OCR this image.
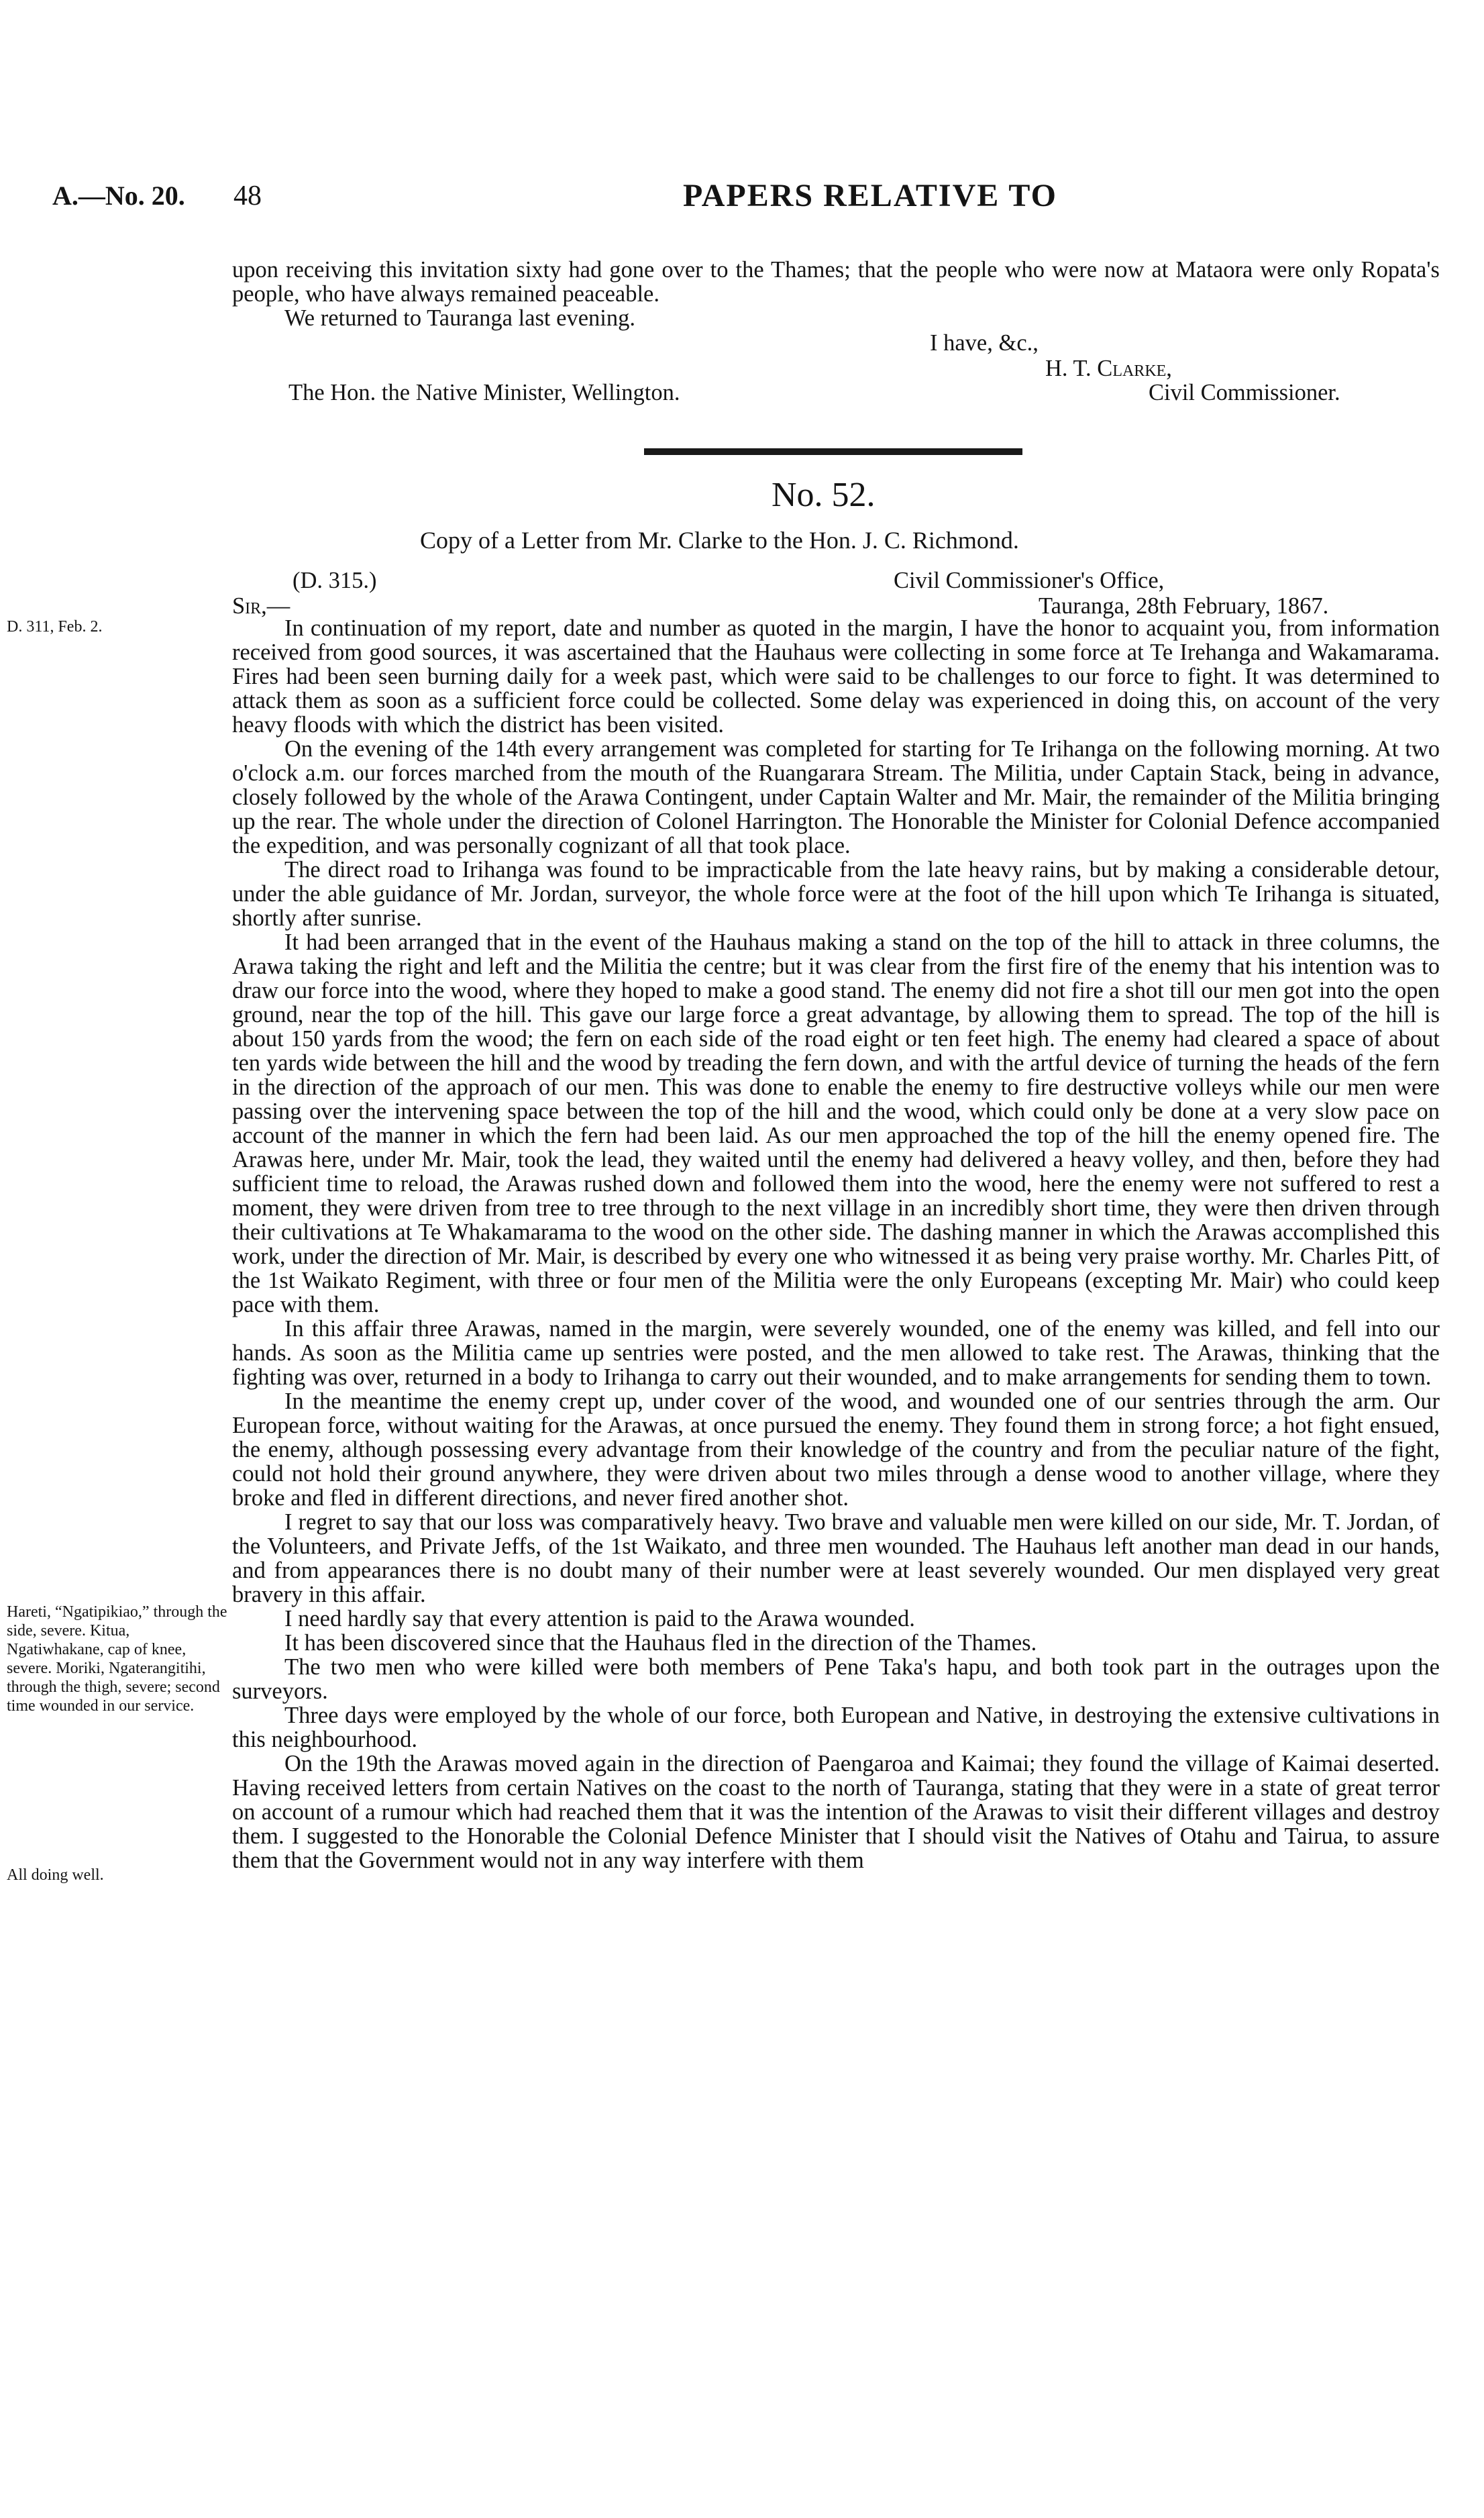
A.—No. 20. 48	PAPERS RELATIVE TO

upon receiving this invitation sixty had gone over to the Thames; that the people who were now at Mataora were only Ropata's people, who have always remained peaceable.

We returned to Tauranga last evening.

I have, &c.,
H. T. Clarke,
The Hon. the Native Minister, Wellington.	Civil Commissioner.
No. 52.
Copy of a Letter from Mr. Clarke to the Hon. J. C. Richmond.
(D. 315.)	Civil Commissioner's Office,
Sir,—	Tauranga, 28th February, 1867.
D. 311, Feb. 2.	In continuation of my report, date and number as quoted in the margin, I have the honor to acquaint you, from information received from good sources, it was ascertained that the Hauhaus were collecting in some force at Te Irehanga and Wakamarama. Fires had been seen burning daily for a week past, which were said to be challenges to our force to fight. It was determined to attack them as soon as a sufficient force could be collected. Some delay was experienced in doing this, on account of the very heavy floods with which the district has been visited.

On the evening of the 14th every arrangement was completed for starting for Te Irihanga on the following morning. At two o'clock a.m. our forces marched from the mouth of the Ruangarara Stream. The Militia, under Captain Stack, being in advance, closely followed by the whole of the Arawa Contingent, under Captain Walter and Mr. Mair, the remainder of the Militia bringing up the rear. The whole under the direction of Colonel Harrington. The Honorable the Minister for Colonial Defence accompanied the expedition, and was personally cognizant of all that took place.

The direct road to Irihanga was found to be impracticable from the late heavy rains, but by making a considerable detour, under the able guidance of Mr. Jordan, surveyor, the whole force were at the foot of the hill upon which Te Irihanga is situated, shortly after sunrise.

It had been arranged that in the event of the Hauhaus making a stand on the top of the hill to attack in three columns, the Arawa taking the right and left and the Militia the centre; but it was clear from the first fire of the enemy that his intention was to draw our force into the wood, where they hoped to make a good stand. The enemy did not fire a shot till our men got into the open ground, near the top of the hill. This gave our large force a great advantage, by allowing them to spread. The top of the hill is about 150 yards from the wood; the fern on each side of the road eight or ten feet high. The enemy had cleared a space of about ten yards wide between the hill and the wood by treading the fern down, and with the artful device of turning the heads of the fern in the direction of the approach of our men. This was done to enable the enemy to fire destructive volleys while our men were passing over the intervening space between the top of the hill and the wood, which could only be done at a very slow pace on account of the manner in which the fern had been laid. As our men approached the top of the hill the enemy opened fire. The Arawas here, under Mr. Mair, took the lead, they waited until the enemy had delivered a heavy volley, and then, before they had sufficient time to reload, the Arawas rushed down and followed them into the wood, here the enemy were not suffered to rest a moment, they were driven from tree to tree through to the next village in an incredibly short time, they were then driven through their cultivations at Te Whakamarama to the wood on the other side. The dashing manner in which the Arawas accomplished this work, under the direction of Mr. Mair, is described by every one who witnessed it as being very praise worthy. Mr. Charles Pitt, of the 1st Waikato Regiment, with three or four men of the Militia were the only Europeans (excepting Mr. Mair) who could keep pace with them.

In this affair three Arawas, named in the margin, were severely wounded, one of the enemy was killed, and fell into our hands. As soon as the Militia came up sentries were posted, and the men allowed to take rest. The Arawas, thinking that the fighting was over, returned in a body to Irihanga to carry out their wounded, and to make arrangements for sending them to town.

In the meantime the enemy crept up, under cover of the wood, and wounded one of our sentries through the arm. Our European force, without waiting for the Arawas, at once pursued the enemy. They found them in strong force; a hot fight ensued, the enemy, although possessing every advantage from their knowledge of the country and from the peculiar nature of the fight, could not hold their ground anywhere, they were driven about two miles through a dense wood to another village, where they broke and fled in different directions, and never fired another shot.

I regret to say that our loss was comparatively heavy. Two brave and valuable men were killed on our side, Mr. T. Jordan, of the Volunteers, and Private Jeffs, of the 1st Waikato, and three men wounded. The Hauhaus left another man dead in our hands, and from appearances there is no doubt many of their number were at least severely wounded. Our men displayed very great bravery in this affair.

I need hardly say that every attention is paid to the Arawa wounded.

It has been discovered since that the Hauhaus fled in the direction of the Thames.

The two men who were killed were both members of Pene Taka's hapu, and both took part in the outrages upon the surveyors.

Three days were employed by the whole of our force, both European and Native, in destroying the extensive cultivations in this neighbourhood.

On the 19th the Arawas moved again in the direction of Paengaroa and Kaimai; they found the village of Kaimai deserted. Having received letters from certain Natives on the coast to the north of Tauranga, stating that they were in a state of great terror on account of a rumour which had reached them that it was the intention of the Arawas to visit their different villages and destroy them. I suggested to the Honorable the Colonial Defence Minister that I should visit the Natives of Otahu and Tairua, to assure them that the Government would not in any way interfere with them

Hareti, “Ngatipikiao,” through the side, severe. Kitua, Ngatiwhakane, cap of knee, severe. Moriki, Ngaterangitihi, through the thigh, severe; second time wounded in our service.
All doing well.
